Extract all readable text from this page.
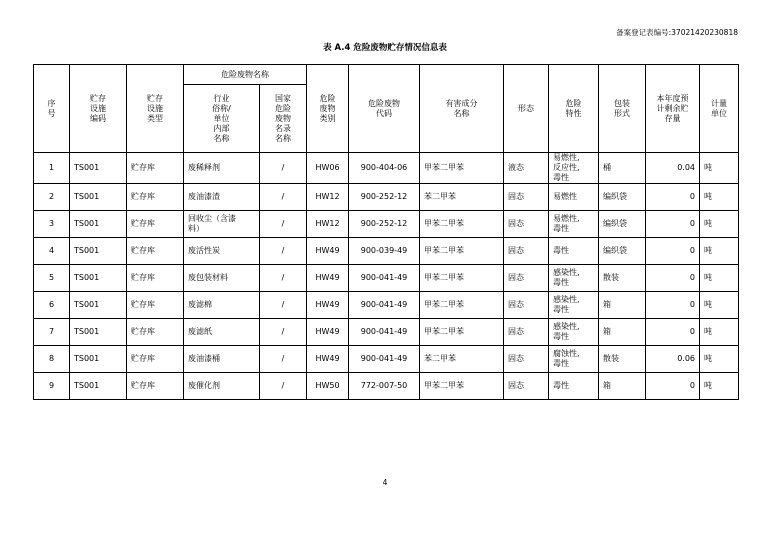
备案登记表编号:37021420230818
表 A.4 危险废物贮存情况信息表
序
号	贮存
设施
编码	贮存
设施
类型	危险废物名称		危险
废物
类别	危险废物
代码	有害成分
名称	形态	危险
特性	包装
形式	本年度预
计剩余贮
存量	计量
单位
			行业
俗称/
单位
内部
名称	国家
危险
废物
名录
名称								
1	TS001	贮存库	废稀释剂	/	HW06	900-404-06	甲苯二甲苯	液态	易燃性,
反应性,
毒性	桶	0.04	吨
2	TS001	贮存库	废油漆渣	/	HW12	900-252-12	苯二甲苯	固态	易燃性	编织袋	0	吨
3	TS001	贮存库	回收尘（含漆
料）	/	HW12	900-252-12	甲苯二甲苯	固态	易燃性,
毒性	编织袋	0	吨
4	TS001	贮存库	废活性炭	/	HW49	900-039-49	甲苯二甲苯	固态	毒性	编织袋	0	吨
5	TS001	贮存库	废包装材料	/	HW49	900-041-49	甲苯二甲苯	固态	感染性,
毒性	散装	0	吨
6	TS001	贮存库	废滤棉	/	HW49	900-041-49	甲苯二甲苯	固态	感染性,
毒性	箱	0	吨
7	TS001	贮存库	废滤纸	/	HW49	900-041-49	甲苯二甲苯	固态	感染性,
毒性	箱	0	吨
8	TS001	贮存库	废油漆桶	/	HW49	900-041-49	苯二甲苯	固态	腐蚀性,
毒性	散装	0.06	吨
9	TS001	贮存库	废催化剂	/	HW50	772-007-50	甲苯二甲苯	固态	毒性	箱	0	吨
4
